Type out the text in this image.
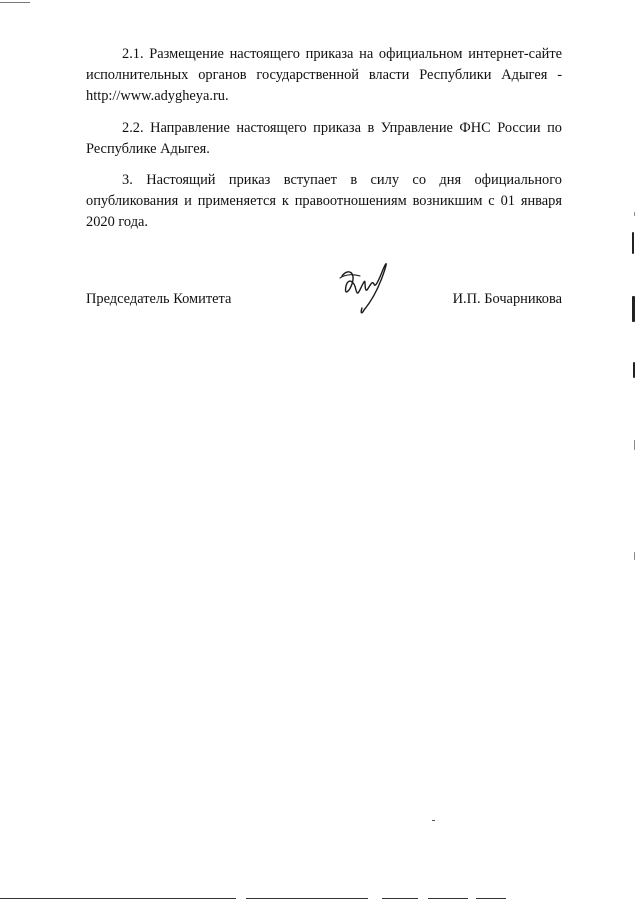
2.1. Размещение настоящего приказа на официальном интернет-сайте исполнительных органов государственной власти Республики Адыгея - http://www.adygheya.ru.

2.2. Направление настоящего приказа в Управление ФНС России по Республике Адыгея.

3. Настоящий приказ вступает в силу со дня официального опубликования и применяется к правоотношениям возникшим с 01 января 2020 года.

Председатель Комитета	И.П. Бочарникова
